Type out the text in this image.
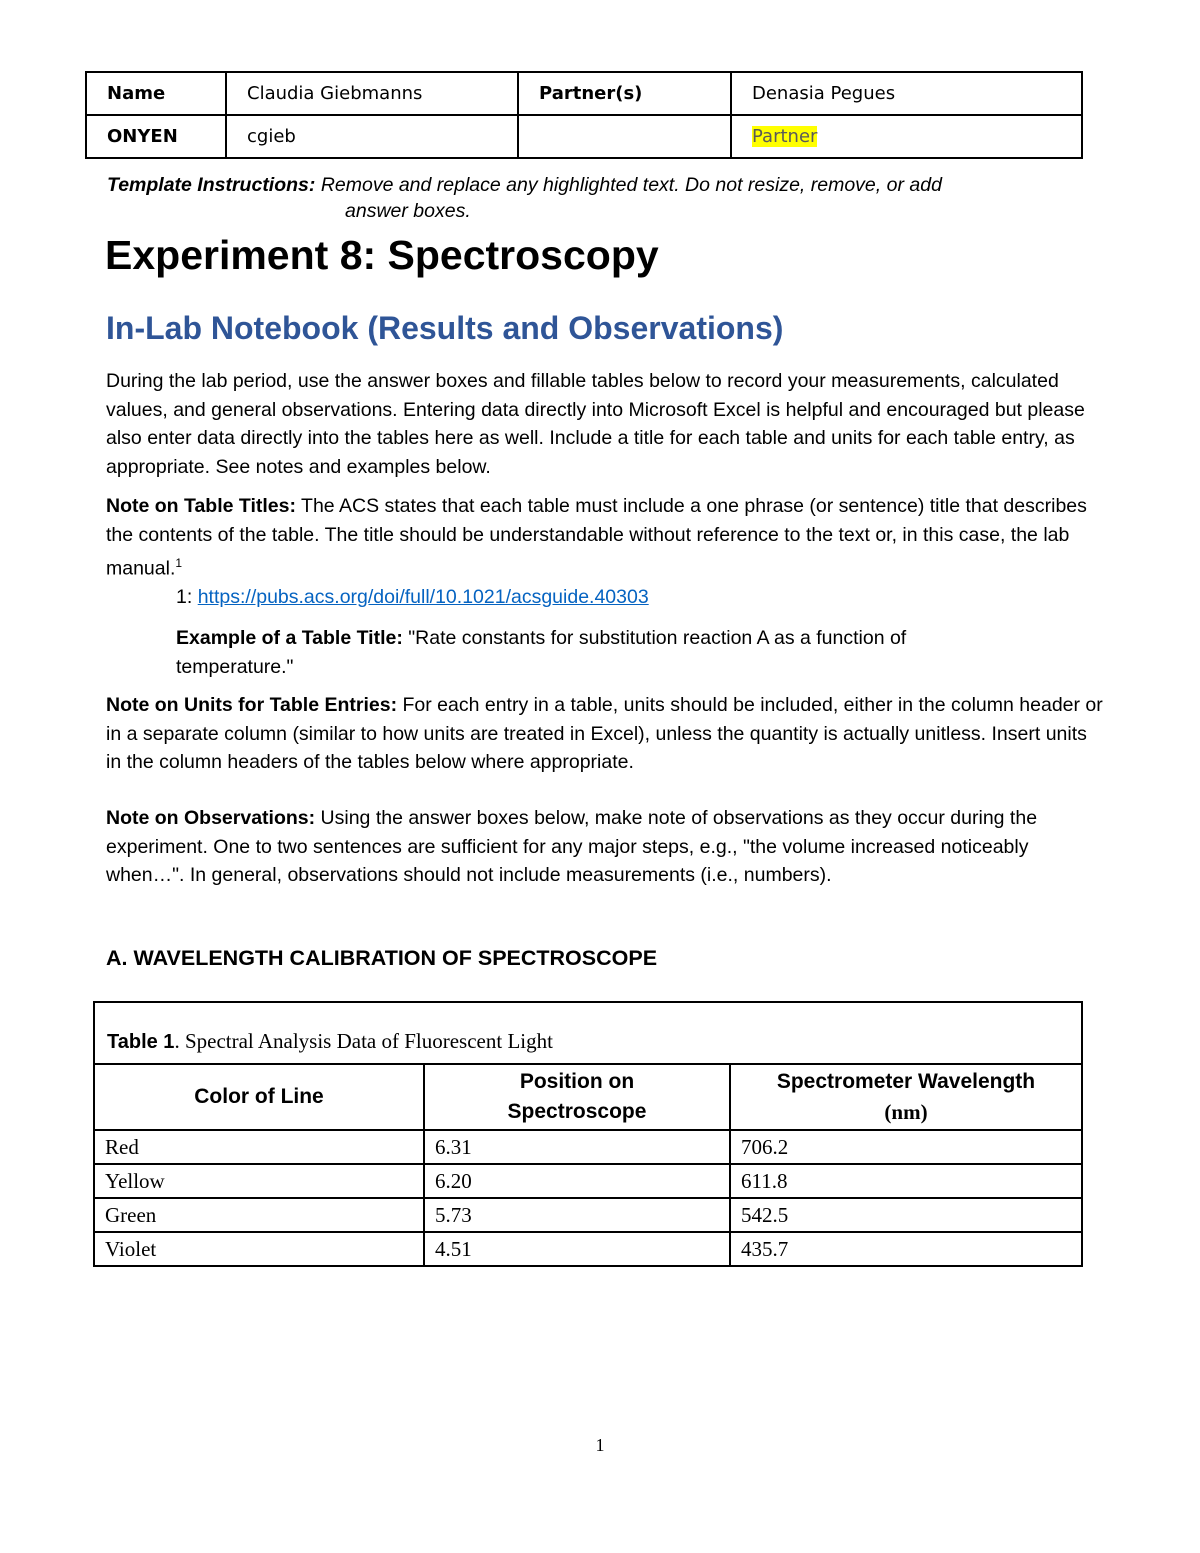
Name	Claudia Giebmanns	Partner(s)	Denasia Pegues
ONYEN	cgieb		Partner
Template Instructions: Remove and replace any highlighted text. Do not resize, remove, or add
answer boxes.
Experiment 8: Spectroscopy
In-Lab Notebook (Results and Observations)
During the lab period, use the answer boxes and fillable tables below to record your measurements, calculated values, and general observations. Entering data directly into Microsoft Excel is helpful and encouraged but please also enter data directly into the tables here as well. Include a title for each table and units for each table entry, as appropriate. See notes and examples below.
Note on Table Titles: The ACS states that each table must include a one phrase (or sentence) title that describes the contents of the table. The title should be understandable without reference to the text or, in this case, the lab manual.$^1$
1: https://pubs.acs.org/doi/full/10.1021/acsguide.40303
Example of a Table Title: "Rate constants for substitution reaction A as a function of temperature."
Note on Units for Table Entries: For each entry in a table, units should be included, either in the column header or in a separate column (similar to how units are treated in Excel), unless the quantity is actually unitless. Insert units in the column headers of the tables below where appropriate.
Note on Observations: Using the answer boxes below, make note of observations as they occur during the experiment. One to two sentences are sufficient for any major steps, e.g., "the volume increased noticeably when…". In general, observations should not include measurements (i.e., numbers).
A. WAVELENGTH CALIBRATION OF SPECTROSCOPE
Table 1. Spectral Analysis Data of Fluorescent Light
Color of Line	Position on Spectroscope	Spectrometer Wavelength
(nm)
Red	6.31	706.2
Yellow	6.20	611.8
Green	5.73	542.5
Violet	4.51	435.7
1
